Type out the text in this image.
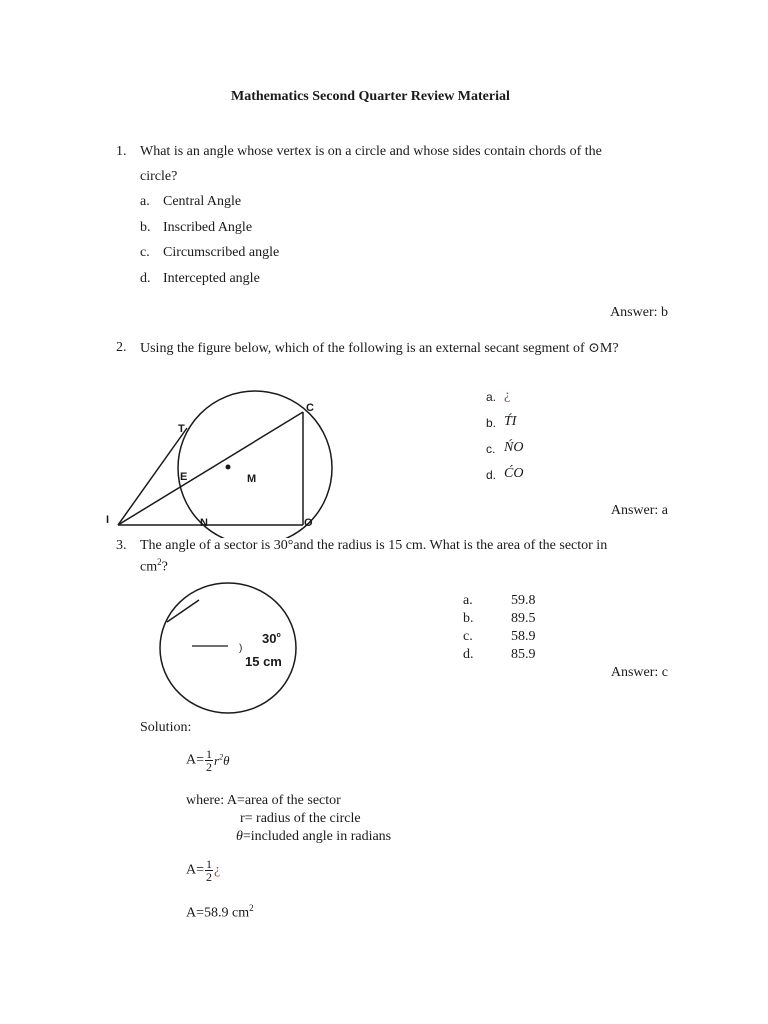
Mathematics Second Quarter Review Material
1. What is an angle whose vertex is on a circle and whose sides contain chords of the
circle?
a. Central Angle
b. Inscribed Angle
c. Circumscribed angle
d. Intercepted angle
Answer: b
2. Using the figure below, which of the following is an external secant segment of ⊙M?
T
C
E	M
I	N	O
a. ¿
b. T́I
c. ŃO
d. ĆO
Answer: a
3. The angle of a sector is 30°and the radius is 15 cm. What is the area of the sector in
$cm^2$?
)
30$^o$
15 cm
a.	59.8
b.	89.5
c.	58.9
d.	85.9
Answer: c
Solution:
$A= \frac{1}{2} r^2\theta$
where: A=area of the sector
r= radius of the circle
θ=included angle in radians
$A= \frac{1}{2}$ ¿
A=58.9 $cm^2$
